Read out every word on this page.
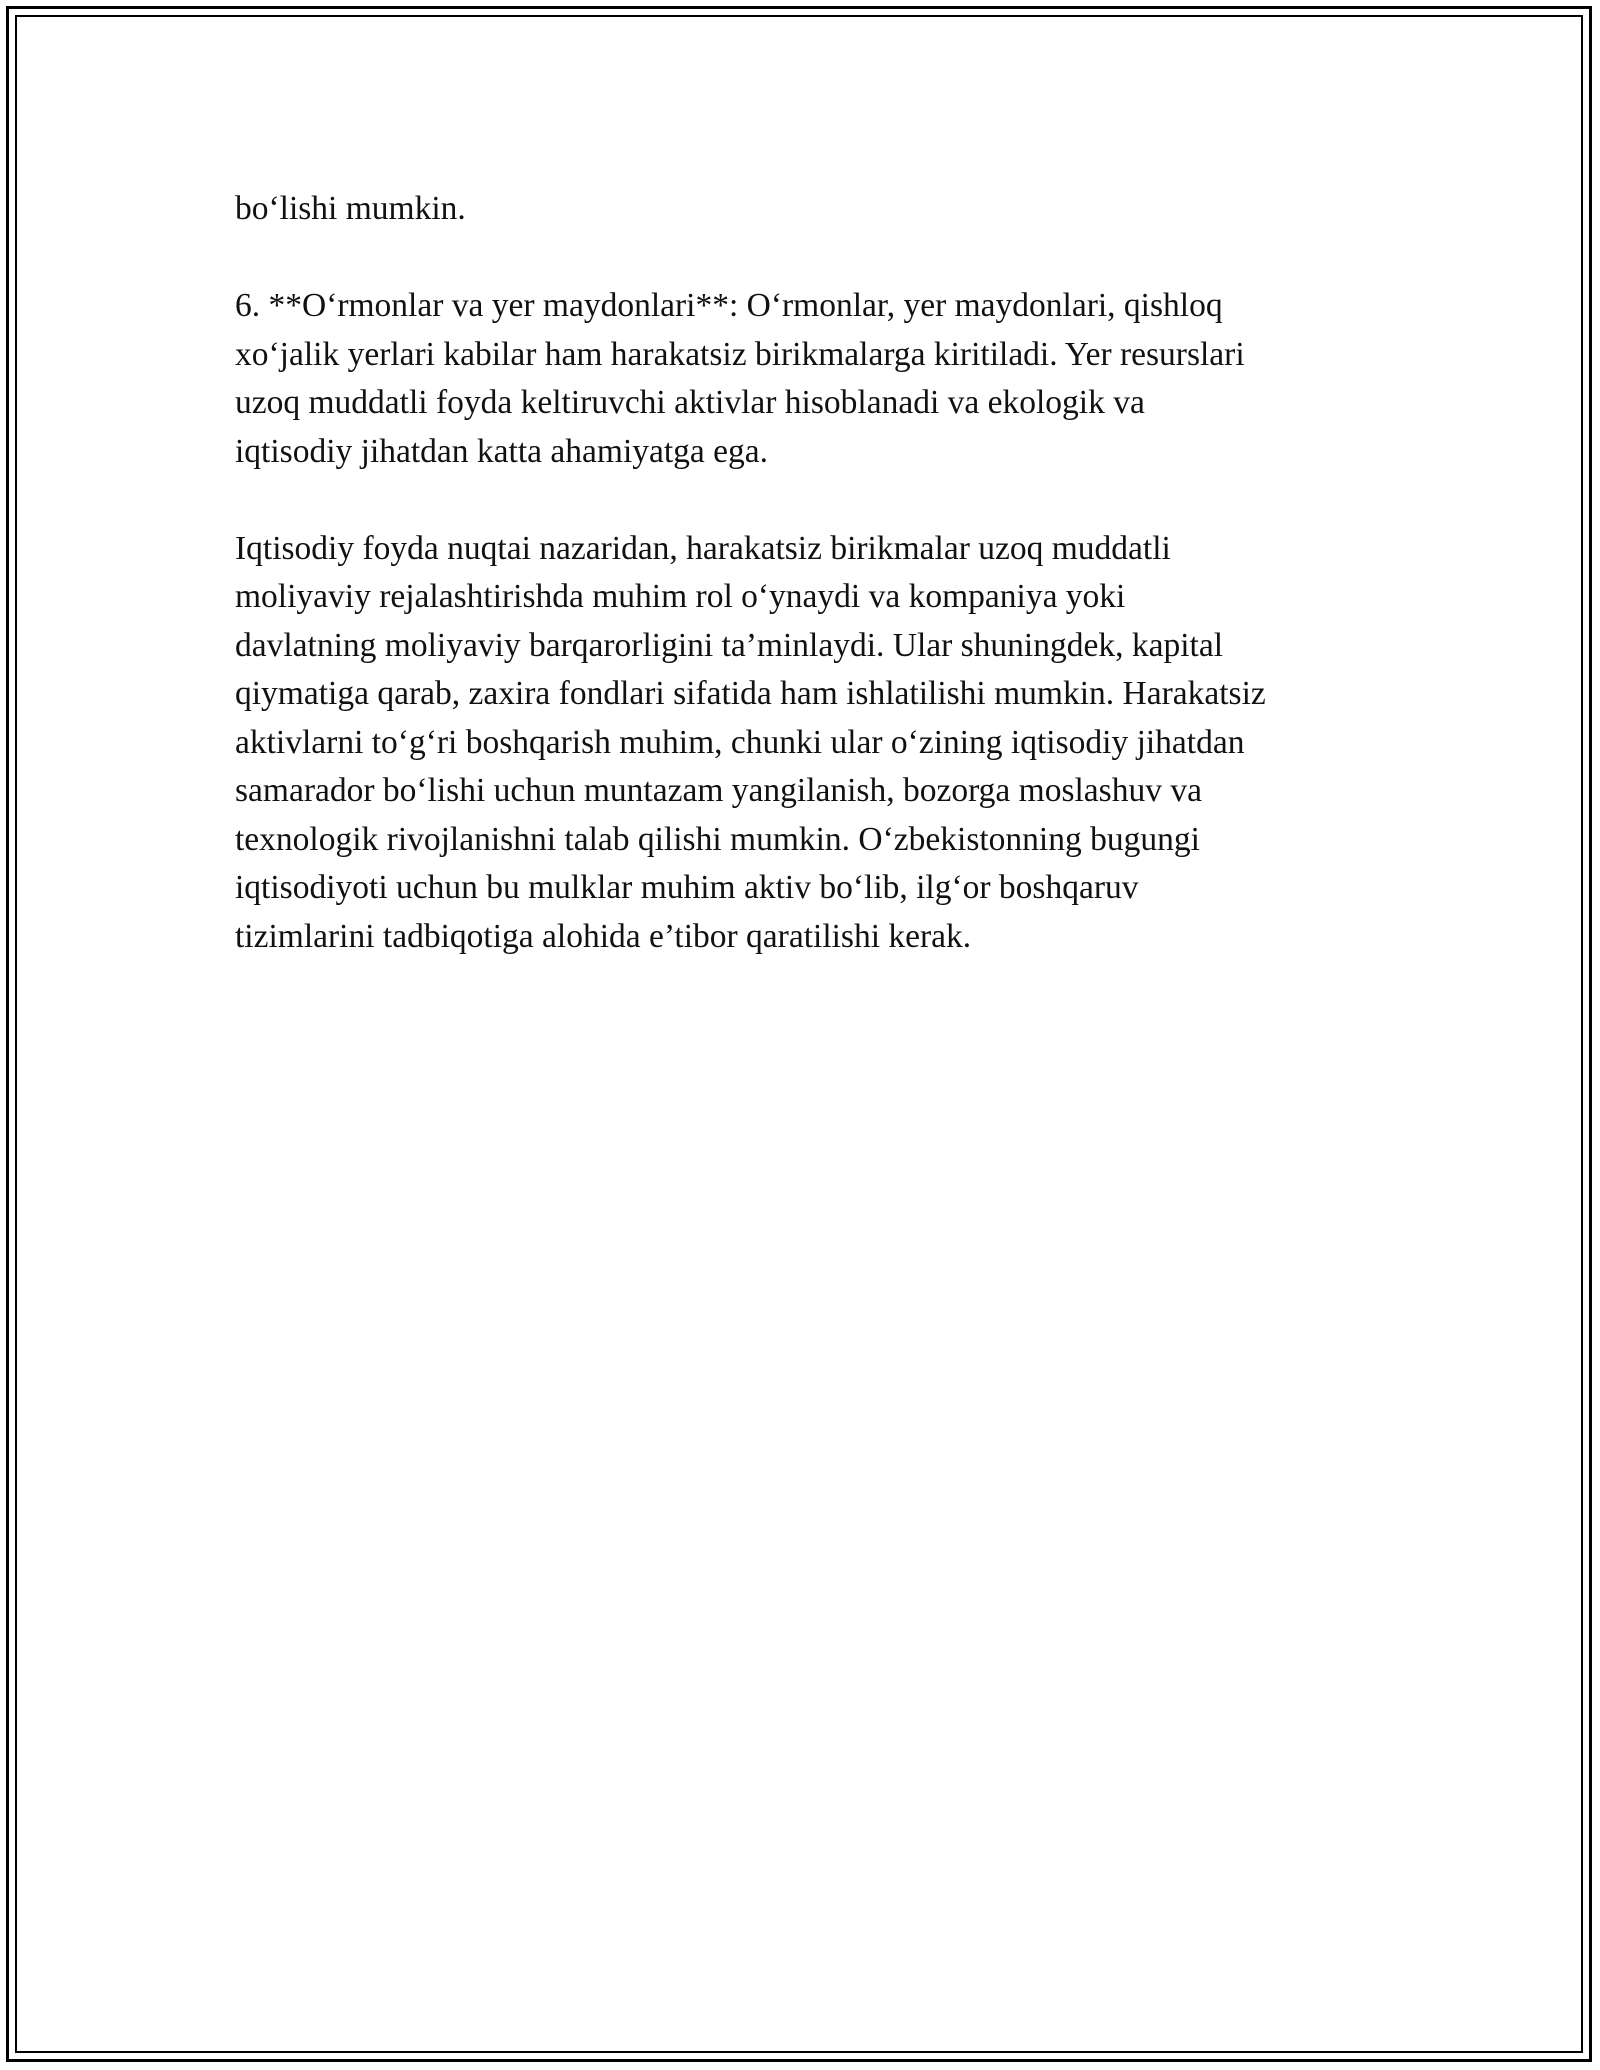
bo‘lishi mumkin.

6. **O‘rmonlar va yer maydonlari**: O‘rmonlar, yer maydonlari, qishloq
xo‘jalik yerlari kabilar ham harakatsiz birikmalarga kiritiladi. Yer resurslari
uzoq muddatli foyda keltiruvchi aktivlar hisoblanadi va ekologik va
iqtisodiy jihatdan katta ahamiyatga ega.

Iqtisodiy foyda nuqtai nazaridan, harakatsiz birikmalar uzoq muddatli
moliyaviy rejalashtirishda muhim rol o‘ynaydi va kompaniya yoki
davlatning moliyaviy barqarorligini ta’minlaydi. Ular shuningdek, kapital
qiymatiga qarab, zaxira fondlari sifatida ham ishlatilishi mumkin. Harakatsiz
aktivlarni to‘g‘ri boshqarish muhim, chunki ular o‘zining iqtisodiy jihatdan
samarador bo‘lishi uchun muntazam yangilanish, bozorga moslashuv va
texnologik rivojlanishni talab qilishi mumkin. O‘zbekistonning bugungi
iqtisodiyoti uchun bu mulklar muhim aktiv bo‘lib, ilg‘or boshqaruv
tizimlarini tadbiqotiga alohida e’tibor qaratilishi kerak.
